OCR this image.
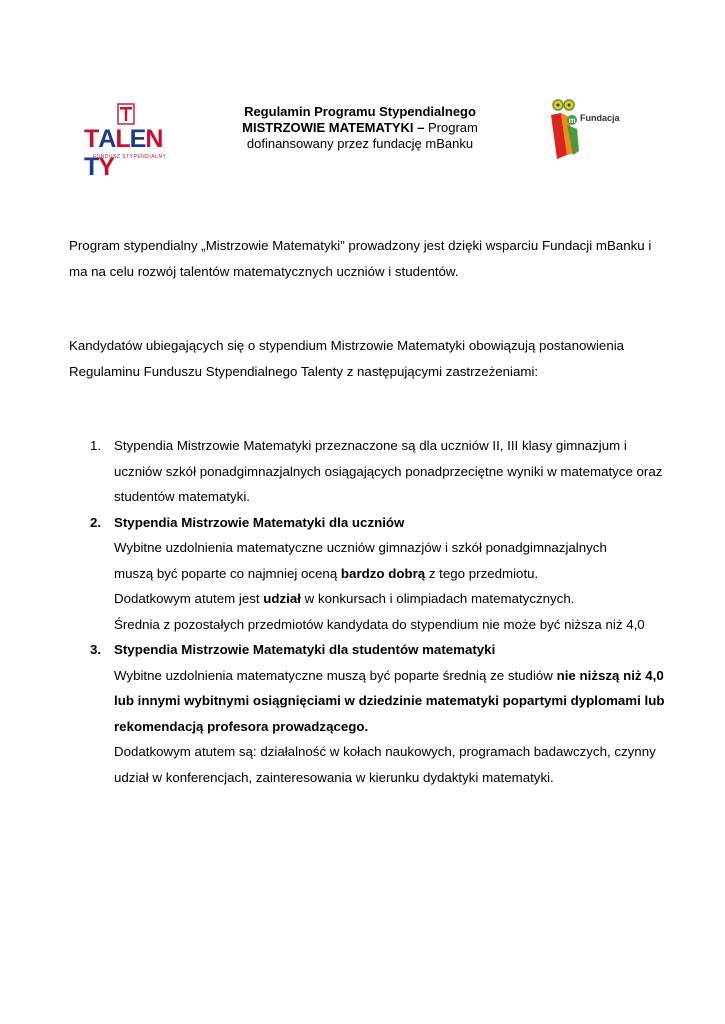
TALENTY
FUNDUSZ STYPENDIALNY
Regulamin Programu Stypendialnego
MISTRZOWIE MATEMATYKI – Program
dofinansowany przez fundację mBanku
m Fundacja

Program stypendialny „Mistrzowie Matematyki” prowadzony jest dzięki wsparciu Fundacji mBanku i ma na celu rozwój talentów matematycznych uczniów i studentów.

Kandydatów ubiegających się o stypendium Mistrzowie Matematyki obowiązują postanowienia Regulaminu Funduszu Stypendialnego Talenty z następującymi zastrzeżeniami:

1. Stypendia Mistrzowie Matematyki przeznaczone są dla uczniów II, III klasy gimnazjum i uczniów szkół ponadgimnazjalnych osiągających ponadprzeciętne wyniki w matematyce oraz studentów matematyki.
2. Stypendia Mistrzowie Matematyki dla uczniów
Wybitne uzdolnienia matematyczne uczniów gimnazjów i szkół ponadgimnazjalnych
muszą być poparte co najmniej oceną bardzo dobrą z tego przedmiotu.
Dodatkowym atutem jest udział w konkursach i olimpiadach matematycznych.
Średnia z pozostałych przedmiotów kandydata do stypendium nie może być niższa niż 4,0
3. Stypendia Mistrzowie Matematyki dla studentów matematyki
Wybitne uzdolnienia matematyczne muszą być poparte średnią ze studiów nie niższą niż 4,0 lub innymi wybitnymi osiągnięciami w dziedzinie matematyki popartymi dyplomami lub rekomendacją profesora prowadzącego.
Dodatkowym atutem są: działalność w kołach naukowych, programach badawczych, czynny udział w konferencjach, zainteresowania w kierunku dydaktyki matematyki.
